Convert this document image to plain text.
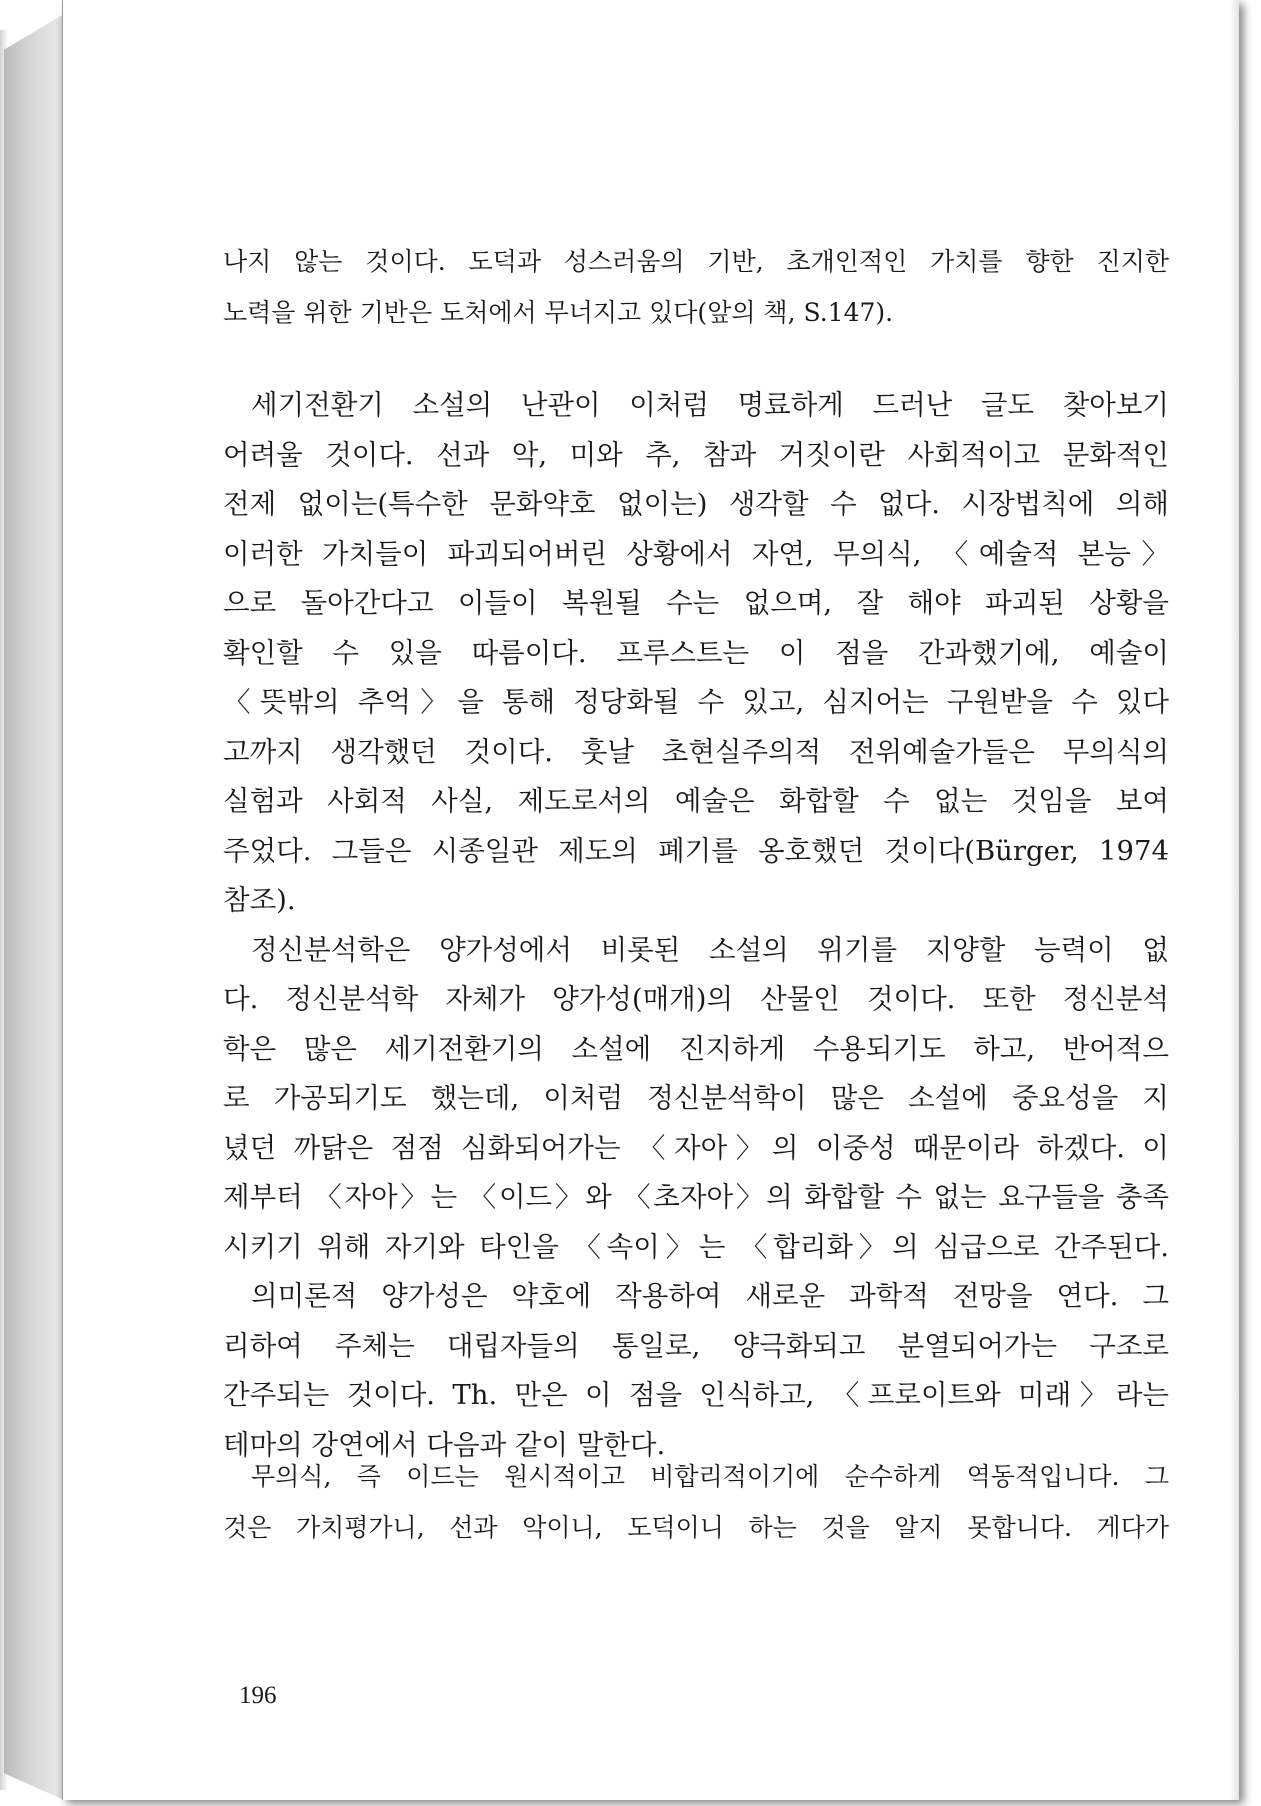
나지 않는 것이다. 도덕과 성스러움의 기반, 초개인적인 가치를 향한 진지한
노력을 위한 기반은 도처에서 무너지고 있다(앞의 책, S.147).
세기전환기 소설의 난관이 이처럼 명료하게 드러난 글도 찾아보기
어려울 것이다. 선과 악, 미와 추, 참과 거짓이란 사회적이고 문화적인
전제 없이는(특수한 문화약호 없이는) 생각할 수 없다. 시장법칙에 의해
이러한 가치들이 파괴되어버린 상황에서 자연, 무의식, 〈예술적 본능〉
으로 돌아간다고 이들이 복원될 수는 없으며, 잘 해야 파괴된 상황을
확인할 수 있을 따름이다. 프루스트는 이 점을 간과했기에, 예술이
〈뜻밖의 추억〉을 통해 정당화될 수 있고, 심지어는 구원받을 수 있다
고까지 생각했던 것이다. 훗날 초현실주의적 전위예술가들은 무의식의
실험과 사회적 사실, 제도로서의 예술은 화합할 수 없는 것임을 보여
주었다. 그들은 시종일관 제도의 폐기를 옹호했던 것이다(Bürger, 1974
참조).
정신분석학은 양가성에서 비롯된 소설의 위기를 지양할 능력이 없
다. 정신분석학 자체가 양가성(매개)의 산물인 것이다. 또한 정신분석
학은 많은 세기전환기의 소설에 진지하게 수용되기도 하고, 반어적으
로 가공되기도 했는데, 이처럼 정신분석학이 많은 소설에 중요성을 지
녔던 까닭은 점점 심화되어가는 〈자아〉의 이중성 때문이라 하겠다. 이
제부터 〈자아〉는 〈이드〉와 〈초자아〉의 화합할 수 없는 요구들을 충족
시키기 위해 자기와 타인을 〈속이〉는 〈합리화〉의 심급으로 간주된다.
의미론적 양가성은 약호에 작용하여 새로운 과학적 전망을 연다. 그
리하여 주체는 대립자들의 통일로, 양극화되고 분열되어가는 구조로
간주되는 것이다. Th. 만은 이 점을 인식하고, 〈프로이트와 미래〉라는
테마의 강연에서 다음과 같이 말한다.
무의식, 즉 이드는 원시적이고 비합리적이기에 순수하게 역동적입니다. 그
것은 가치평가니, 선과 악이니, 도덕이니 하는 것을 알지 못합니다. 게다가
196
